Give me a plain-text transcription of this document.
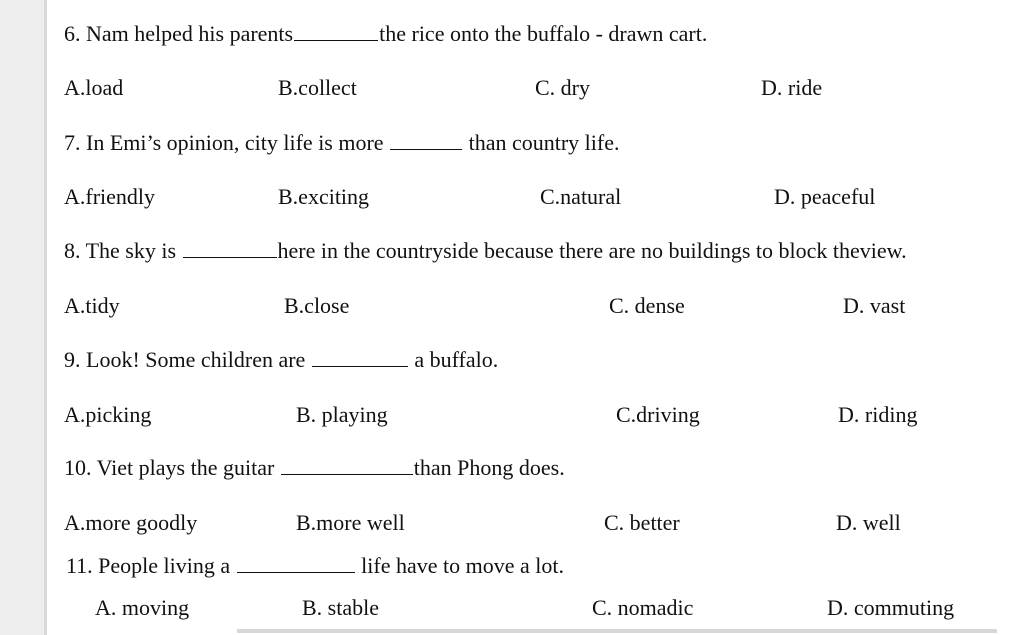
6. Nam helped his parents	the rice onto the buffalo - drawn cart.
A.load	B.collect	C. dry	D. ride
7. In Emi’s opinion, city life is more	than country life.
A.friendly	B.exciting	C.natural	D. peaceful
8. The sky is	here in the countryside because there are no buildings to block theview.
A.tidy	B.close	C. dense	D. vast
9. Look! Some children are	a buffalo.
A.picking	B. playing	C.driving	D. riding
10. Viet plays the guitar	than Phong does.
A.more goodly	B.more well	C. better	D. well
11. People living a	life have to move a lot.
A. moving	B. stable	C. nomadic	D. commuting
